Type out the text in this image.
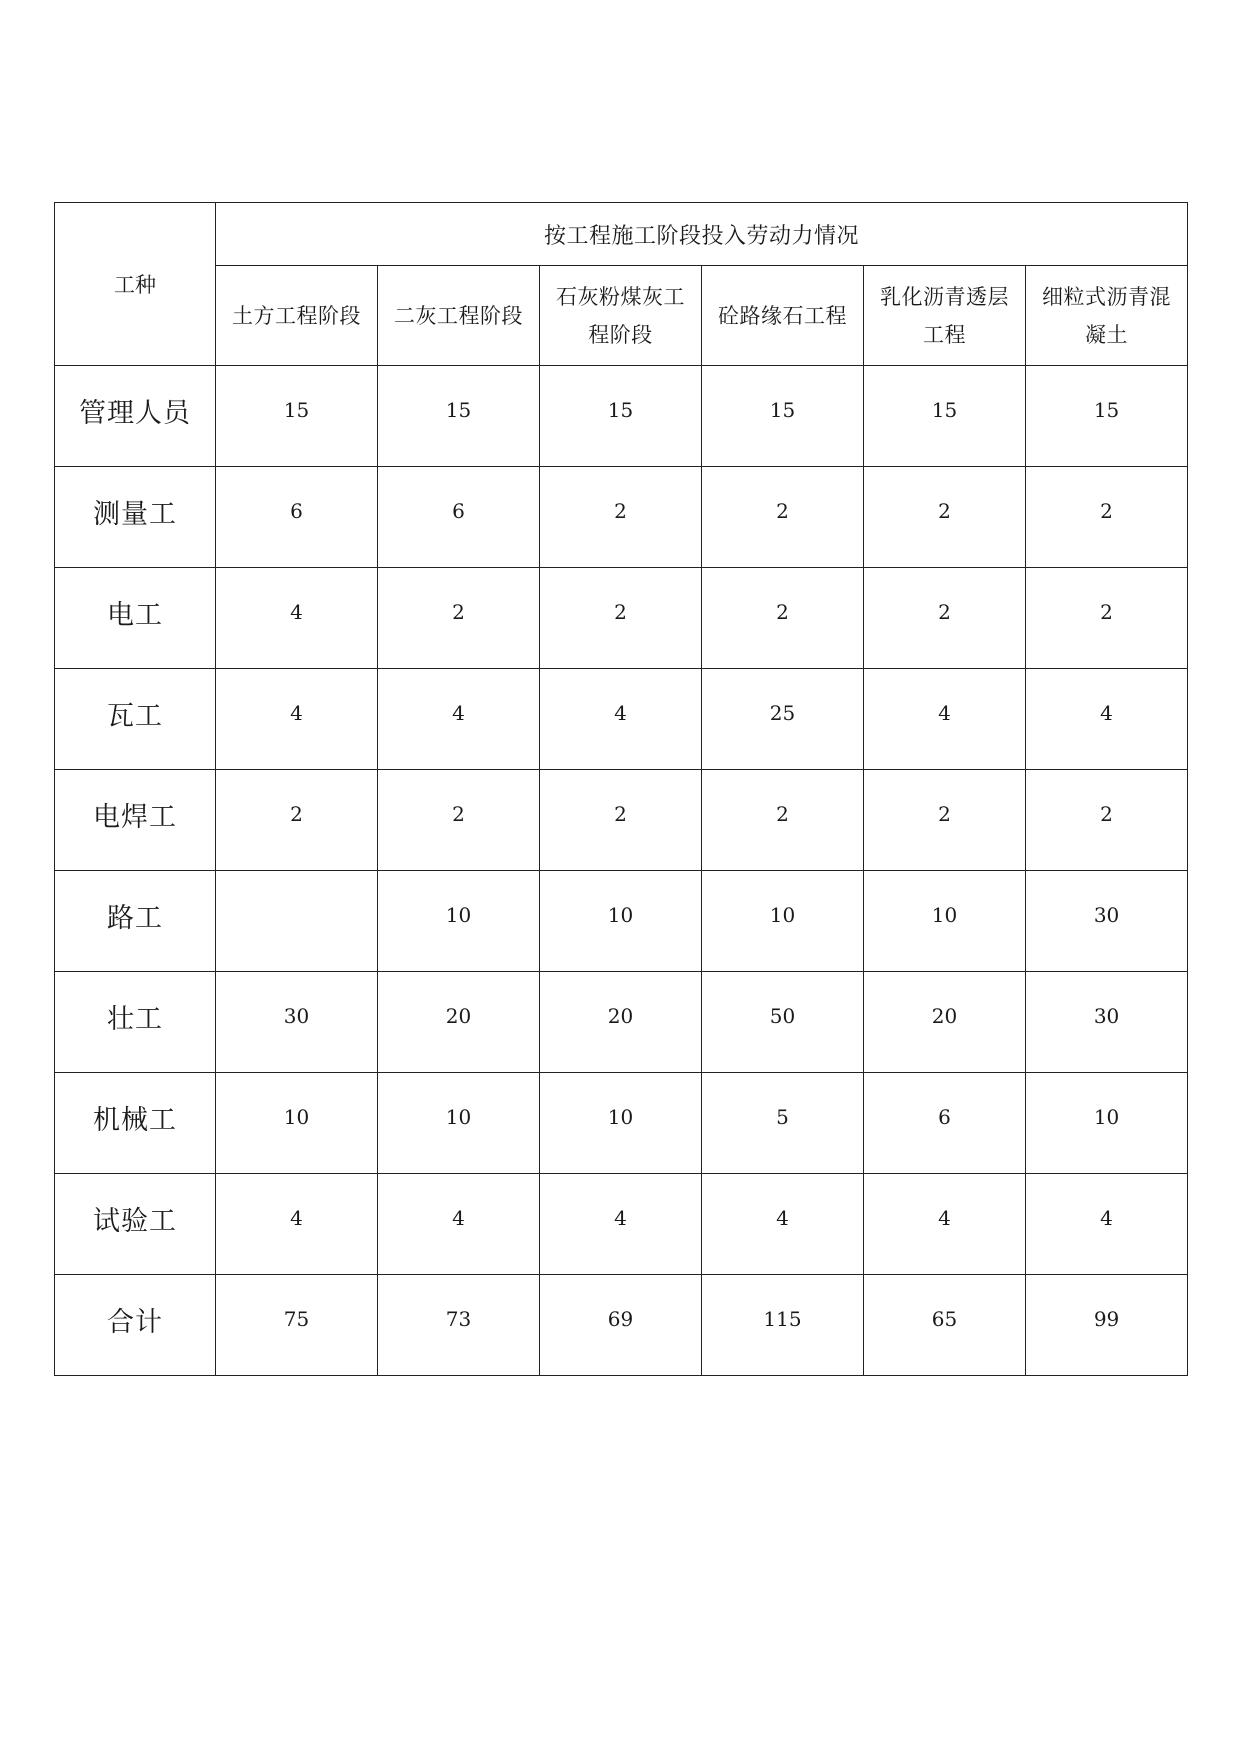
工种	按工程施工阶段投入劳动力情况					
	土方工程阶段	二灰工程阶段	石灰粉煤灰工程阶段	砼路缘石工程	乳化沥青透层工程	细粒式沥青混凝土
管理人员	15	15	15	15	15	15
测量工	6	6	2	2	2	2
电工	4	2	2	2	2	2
瓦工	4	4	4	25	4	4
电焊工	2	2	2	2	2	2
路工		10	10	10	10	30
壮工	30	20	20	50	20	30
机械工	10	10	10	5	6	10
试验工	4	4	4	4	4	4
合计	75	73	69	115	65	99
